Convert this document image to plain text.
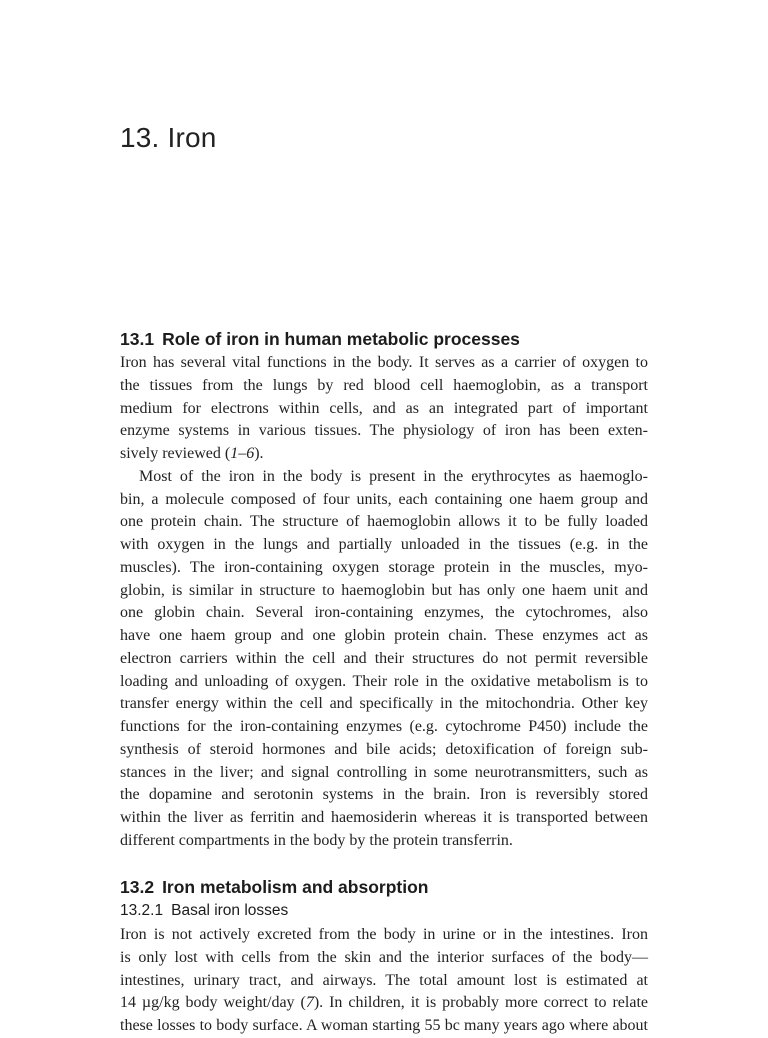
13. Iron
13.1 Role of iron in human metabolic processes
Iron has several vital functions in the body. It serves as a carrier of oxygen to
the tissues from the lungs by red blood cell haemoglobin, as a transport
medium for electrons within cells, and as an integrated part of important
enzyme systems in various tissues. The physiology of iron has been exten-
sively reviewed (1–6).
Most of the iron in the body is present in the erythrocytes as haemoglo-
bin, a molecule composed of four units, each containing one haem group and
one protein chain. The structure of haemoglobin allows it to be fully loaded
with oxygen in the lungs and partially unloaded in the tissues (e.g. in the
muscles). The iron-containing oxygen storage protein in the muscles, myo-
globin, is similar in structure to haemoglobin but has only one haem unit and
one globin chain. Several iron-containing enzymes, the cytochromes, also
have one haem group and one globin protein chain. These enzymes act as
electron carriers within the cell and their structures do not permit reversible
loading and unloading of oxygen. Their role in the oxidative metabolism is to
transfer energy within the cell and specifically in the mitochondria. Other key
functions for the iron-containing enzymes (e.g. cytochrome P450) include the
synthesis of steroid hormones and bile acids; detoxification of foreign sub-
stances in the liver; and signal controlling in some neurotransmitters, such as
the dopamine and serotonin systems in the brain. Iron is reversibly stored
within the liver as ferritin and haemosiderin whereas it is transported between
different compartments in the body by the protein transferrin.
13.2 Iron metabolism and absorption
13.2.1 Basal iron losses
Iron is not actively excreted from the body in urine or in the intestines. Iron
is only lost with cells from the skin and the interior surfaces of the body—
intestines, urinary tract, and airways. The total amount lost is estimated at
14 µg/kg body weight/day (7). In children, it is probably more correct to relate
these losses to body surface. A woman starting 55 bc many years ago where about
